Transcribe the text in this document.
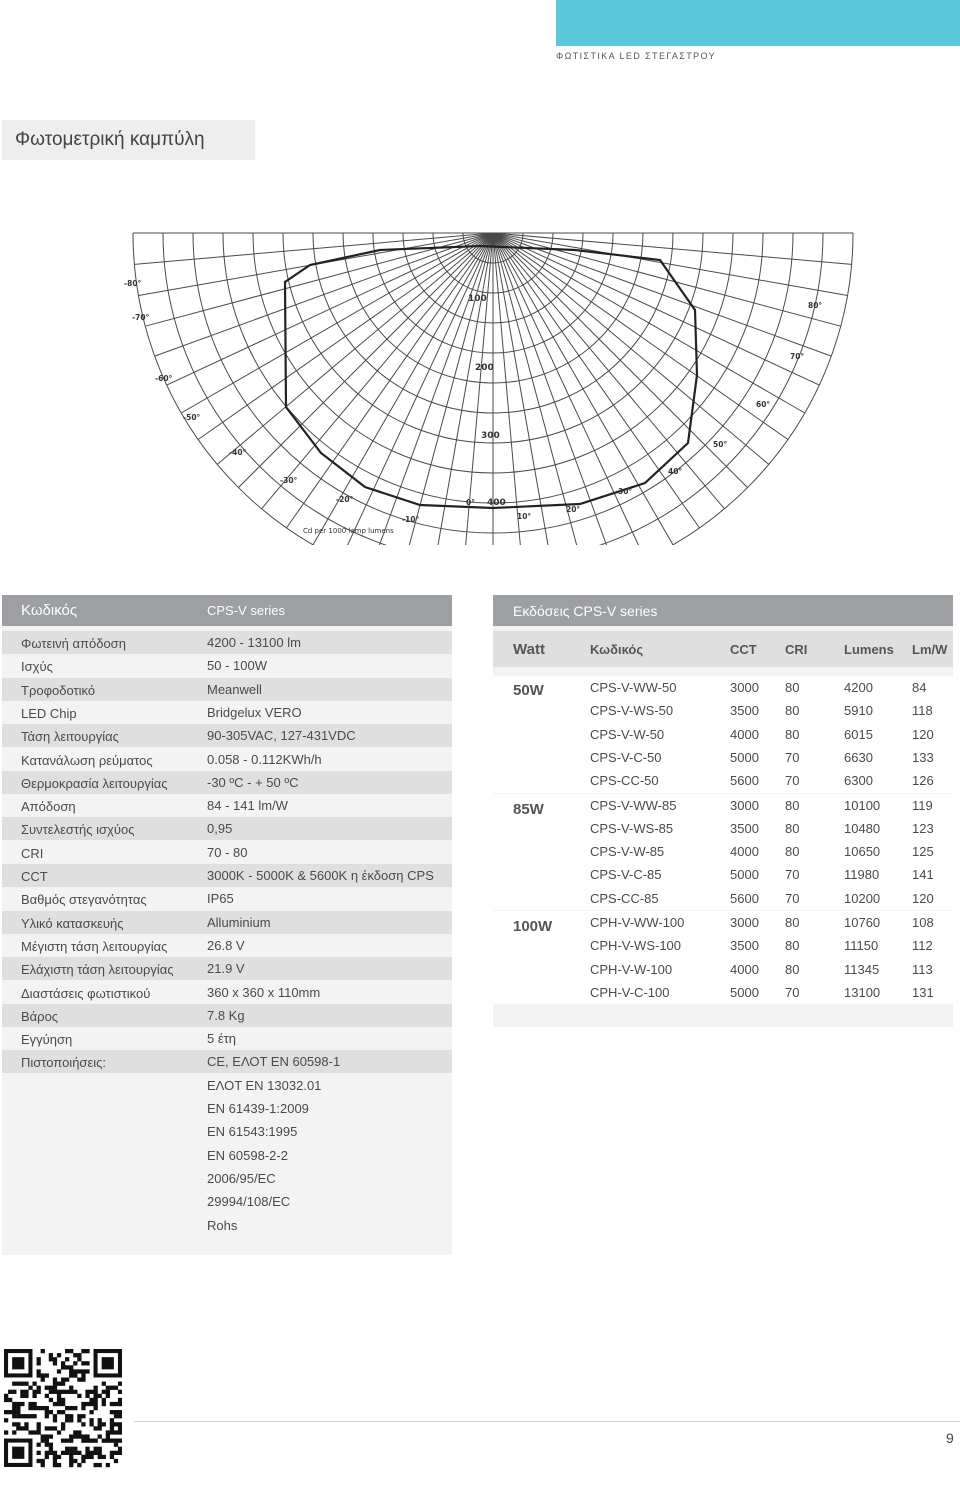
ΦΩΤΙΣΤΙΚΑ LED ΣΤΕΓΑΣΤΡΟΥ
Φωτομετρική καμπύλη
-80°
-70°
-60°
-50°
-40°
-30°
-20°
-10°
80°
70°
60°
50°
40°
30°
20°
10°
0°
100
200
300
400
Cd per 1000 lamp lumens
Κωδικός	CPS-V series
Φωτεινή απόδοση	4200 - 13100 lm
Ισχύς	50 - 100W
Τροφοδοτικό	Meanwell
LED Chip	Bridgelux VERO
Τάση λειτουργίας	90-305VAC, 127-431VDC
Κατανάλωση ρεύματος	0.058 - 0.112KWh/h
Θερμοκρασία λειτουργίας	-30 ºC - + 50 ºC
Απόδοση	84 - 141 lm/W
Συντελεστής ισχύος	0,95
CRI	70 - 80
CCT	3000K - 5000K & 5600K η έκδοση CPS
Βαθμός στεγανότητας	IP65
Υλικό κατασκευής	Alluminium
Μέγιστη τάση λειτουργίας	26.8 V
Ελάχιστη τάση λειτουργίας	21.9 V
Διαστάσεις φωτιστικού	360 x 360 x 110mm
Βάρος	7.8 Kg
Εγγύηση	5 έτη
Πιστοποιήσεις:	CE, ΕΛΟΤ EN 60598-1
ΕΛΟΤ ΕΝ 13032.01
EN 61439-1:2009
EN 61543:1995
EN 60598-2-2
2006/95/EC
29994/108/EC
Rohs
Εκδόσεις CPS-V series
Watt	Κωδικός	CCT CRI	Lumens Lm/W
50W	CPS-V-WW-50	3000 80	4200	84
CPS-V-WS-50	3500 80	5910	118
CPS-V-W-50	4000 80	6015	120
CPS-V-C-50	5000 70	6630	133
CPS-CC-50	5600 70	6300	126
85W	CPS-V-WW-85	3000 80	10100 119
CPS-V-WS-85	3500 80	10480 123
CPS-V-W-85	4000 80	10650 125
CPS-V-C-85	5000 70	11980	141
CPS-CC-85	5600 70	10200 120
100W	CPH-V-WW-100	3000 80	10760 108
CPH-V-WS-100	3500 80	11150	112
CPH-V-W-100	4000 80	11345	113
CPH-V-C-100	5000 70	13100 131
9
